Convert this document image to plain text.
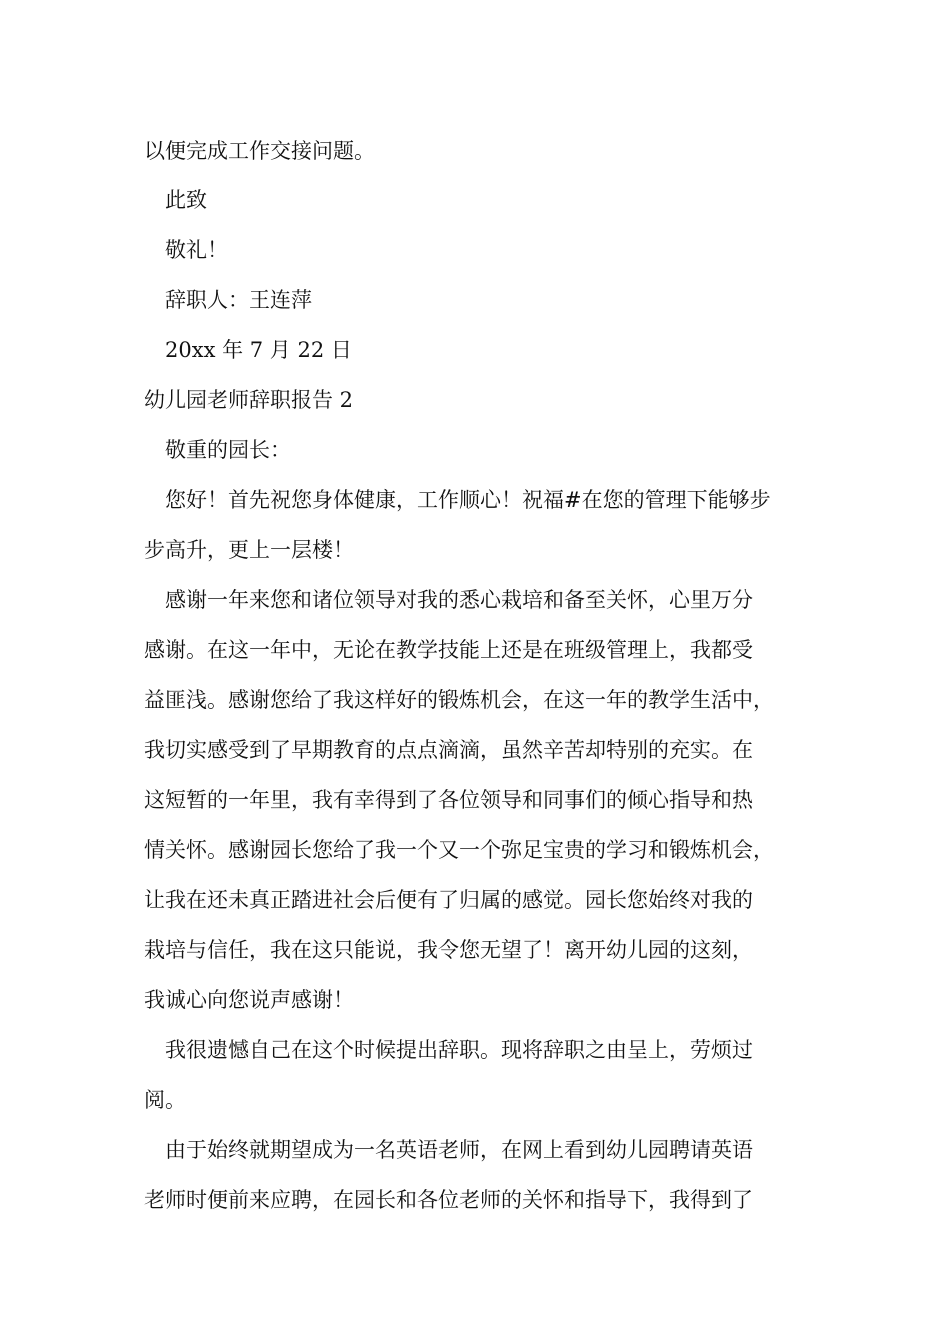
以便完成工作交接问题。
此致
敬礼！
辞职人：王连萍
20xx 年 7 月 22 日
幼儿园老师辞职报告 2
敬重的园长：
您好！首先祝您身体健康，工作顺心！祝福#在您的管理下能够步
步高升，更上一层楼！
感谢一年来您和诸位领导对我的悉心栽培和备至关怀，心里万分
感谢。在这一年中，无论在教学技能上还是在班级管理上，我都受
益匪浅。感谢您给了我这样好的锻炼机会，在这一年的教学生活中，
我切实感受到了早期教育的点点滴滴，虽然辛苦却特别的充实。在
这短暂的一年里，我有幸得到了各位领导和同事们的倾心指导和热
情关怀。感谢园长您给了我一个又一个弥足宝贵的学习和锻炼机会，
让我在还未真正踏进社会后便有了归属的感觉。园长您始终对我的
栽培与信任，我在这只能说，我令您无望了！离开幼儿园的这刻，
我诚心向您说声感谢！
我很遗憾自己在这个时候提出辞职。现将辞职之由呈上，劳烦过
阅。
由于始终就期望成为一名英语老师，在网上看到幼儿园聘请英语
老师时便前来应聘，在园长和各位老师的关怀和指导下，我得到了
